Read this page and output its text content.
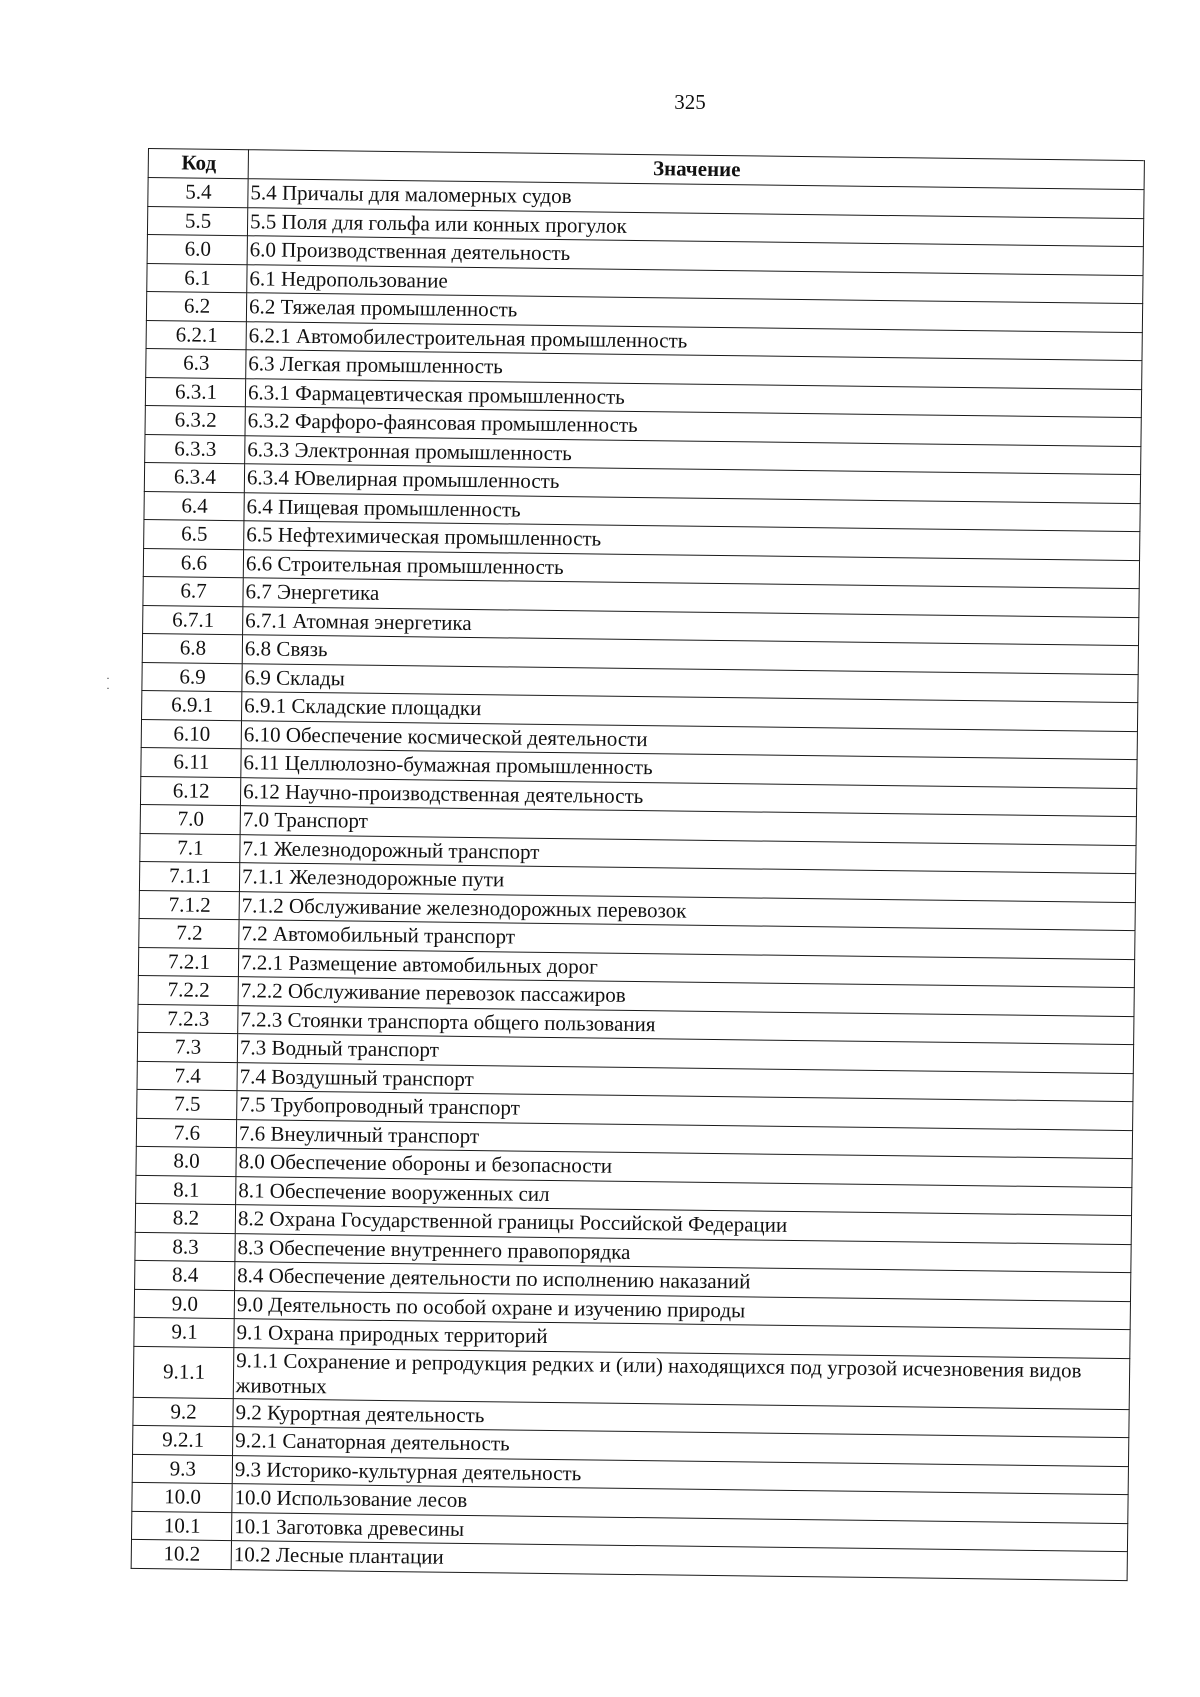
325
·
·
Код	Значение
5.4	5.4 Причалы для маломерных судов
5.5	5.5 Поля для гольфа или конных прогулок
6.0	6.0 Производственная деятельность
6.1	6.1 Недропользование
6.2	6.2 Тяжелая промышленность
6.2.1	6.2.1 Автомобилестроительная промышленность
6.3	6.3 Легкая промышленность
6.3.1	6.3.1 Фармацевтическая промышленность
6.3.2	6.3.2 Фарфоро-фаянсовая промышленность
6.3.3	6.3.3 Электронная промышленность
6.3.4	6.3.4 Ювелирная промышленность
6.4	6.4 Пищевая промышленность
6.5	6.5 Нефтехимическая промышленность
6.6	6.6 Строительная промышленность
6.7	6.7 Энергетика
6.7.1	6.7.1 Атомная энергетика
6.8	6.8 Связь
6.9	6.9 Склады
6.9.1	6.9.1 Складские площадки
6.10	6.10 Обеспечение космической деятельности
6.11	6.11 Целлюлозно-бумажная промышленность
6.12	6.12 Научно-производственная деятельность
7.0	7.0 Транспорт
7.1	7.1 Железнодорожный транспорт
7.1.1	7.1.1 Железнодорожные пути
7.1.2	7.1.2 Обслуживание железнодорожных перевозок
7.2	7.2 Автомобильный транспорт
7.2.1	7.2.1 Размещение автомобильных дорог
7.2.2	7.2.2 Обслуживание перевозок пассажиров
7.2.3	7.2.3 Стоянки транспорта общего пользования
7.3	7.3 Водный транспорт
7.4	7.4 Воздушный транспорт
7.5	7.5 Трубопроводный транспорт
7.6	7.6 Внеуличный транспорт
8.0	8.0 Обеспечение обороны и безопасности
8.1	8.1 Обеспечение вооруженных сил
8.2	8.2 Охрана Государственной границы Российской Федерации
8.3	8.3 Обеспечение внутреннего правопорядка
8.4	8.4 Обеспечение деятельности по исполнению наказаний
9.0	9.0 Деятельность по особой охране и изучению природы
9.1	9.1 Охрана природных территорий
9.1.1	9.1.1 Сохранение и репродукция редких и (или) находящихся под угрозой исчезновения видов животных
9.2	9.2 Курортная деятельность
9.2.1	9.2.1 Санаторная деятельность
9.3	9.3 Историко-культурная деятельность
10.0	10.0 Использование лесов
10.1	10.1 Заготовка древесины
10.2	10.2 Лесные плантации
